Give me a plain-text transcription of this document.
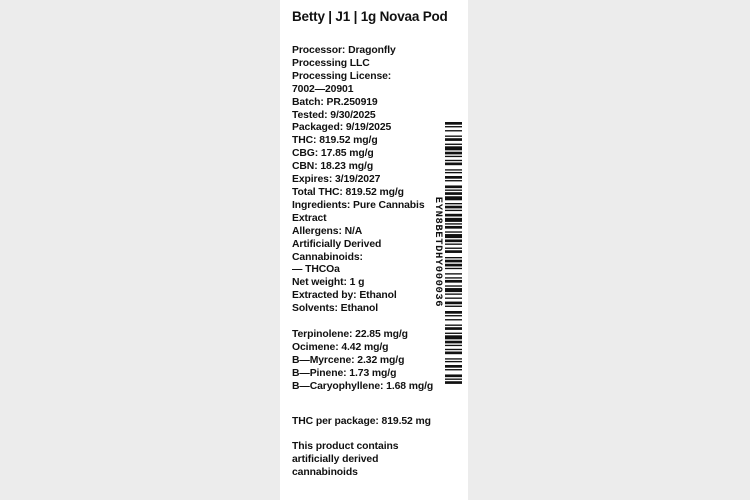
Betty | J1 | 1g Novaa Pod
Processor: Dragonfly
Processing LLC
Processing License:
7002—20901
Batch: PR.250919
Tested: 9/30/2025
Packaged: 9/19/2025
THC: 819.52 mg/g
CBG: 17.85 mg/g
CBN: 18.23 mg/g
Expires: 3/19/2027
Total THC: 819.52 mg/g
Ingredients: Pure Cannabis
Extract
Allergens: N/A
Artificially Derived
Cannabinoids:
— THCOa
Net weight: 1 g
Extracted by: Ethanol
Solvents: Ethanol
Terpinolene: 22.85 mg/g
Ocimene: 4.42 mg/g
B—Myrcene: 2.32 mg/g
B—Pinene: 1.73 mg/g
B—Caryophyllene: 1.68 mg/g
THC per package: 819.52 mg
This product contains
artificially derived
cannabinoids
EYN8BETDHY000036
